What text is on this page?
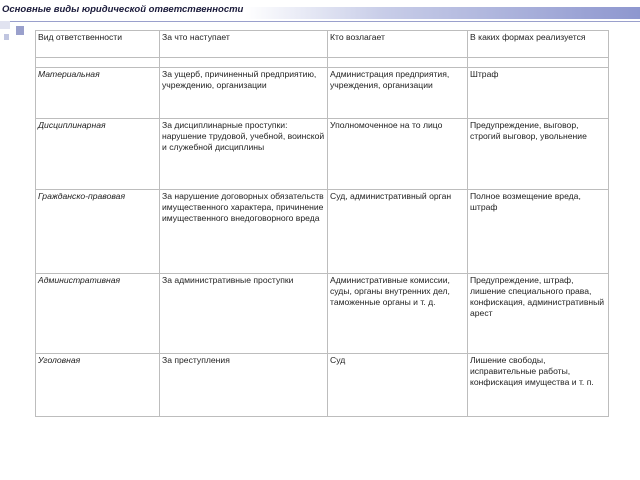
Основные виды юридической ответственности
Вид ответственности	За что наступает	Кто возлагает	В каких формах реализуется

Материальная	За ущерб, причиненный предприятию, учреждению, организации	Администрация предприятия, учреждения, организации	Штраф
Дисциплинарная	За дисциплинарные проступки: нарушение трудовой, учебной, воинской и служебной дисциплины	Уполномоченное на то лицо	Предупреждение, выговор, строгий выговор, увольнение
Гражданско-правовая	За нарушение договорных обязательств имущественного характера, причинение имущественного внедоговорного вреда	Суд, административный орган	Полное возмещение вреда, штраф
Административная	За административные проступки	Административные комиссии, суды, органы внутренних дел, таможенные органы и т. д.	Предупреждение, штраф, лишение специального права, конфискация, административный арест
Уголовная	За преступления	Суд	Лишение свободы, исправительные работы, конфискация имущества и т. п.
